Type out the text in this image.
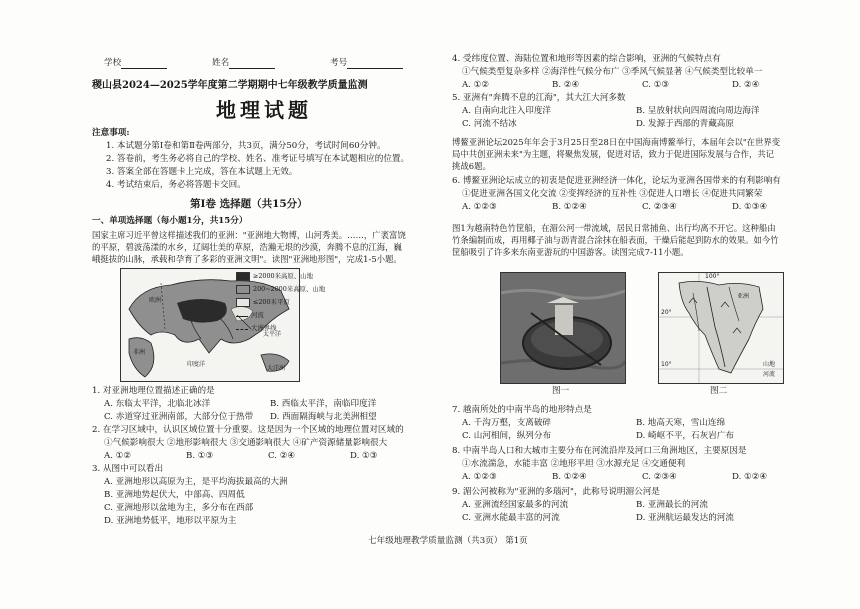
学校	姓名	考号
稷山县2024—2025学年度第二学期期中七年级教学质量监测
地理试题
注意事项:
1. 本试题分第Ⅰ卷和第Ⅱ卷两部分，共3页，满分50分，考试时间60分钟。
2. 答卷前，考生务必将自己的学校、姓名、准考证号填写在本试题相应的位置。
3. 答案全部在答题卡上完成，答在本试题上无效。
4. 考试结束后，务必将答题卡交回。
第Ⅰ卷 选择题（共15分）
一、单项选择题（每小题1分，共15分）
国家主席习近平曾这样描述我们的亚洲："亚洲地大物博，山河秀美。……，广袤富饶的平原，碧波荡漾的水乡，辽阔壮美的草原，浩瀚无垠的沙漠，奔腾不息的江海，巍峨挺拔的山脉，承载和孕育了多彩的亚洲文明"。读图"亚洲地形图"，完成1-5小题。
欧洲
非洲
印度洋
太平洋
大洋洲
≥2000米高原、山地
200~2000米高原、山地
≤200米平原
河流
大洲界线
1. 对亚洲地理位置描述正确的是
A. 东临太平洋，北临北冰洋	B. 西临太平洋，南临印度洋
C. 赤道穿过亚洲南部，大部分位于热带 D. 西面隔海峡与北美洲相望
2. 在学习区域中，认识区域位置十分重要。这是因为一个区域的地理位置对区域的
①气候影响很大 ②地形影响很大 ③交通影响很大 ④矿产资源储量影响很大
A. ①②	B. ①③	C. ②④	D. ①③
3. 从图中可以看出
A. 亚洲地形以高原为主，是平均海拔最高的大洲
B. 亚洲地势起伏大，中部高、四周低
C. 亚洲地形以盆地为主，多分布在西部
D. 亚洲地势低平，地形以平原为主
4. 受纬度位置、海陆位置和地形等因素的综合影响，亚洲的气候特点有
①气候类型复杂多样 ②海洋性气候分布广 ③季风气候显著 ④气候类型比较单一
A. ①②	B. ②④	C. ①③	D. ②④
5. 亚洲有"奔腾不息的江海"，其大江大河多数
A. 自南向北注入印度洋	B. 呈放射状向四周流向周边海洋
C. 河流不结冰	D. 发源于西部的青藏高原
博鳌亚洲论坛2025年年会于3月25日至28日在中国海南博鳌举行，本届年会以"在世界变局中共创亚洲未来"为主题，将聚焦发展，促进对话，致力于促进国际发展与合作，共记挑战6题。
6. 博鳌亚洲论坛成立的初衷是促进亚洲经济一体化，论坛为亚洲各国带来的有利影响有
①促进亚洲各国文化交流 ②变挥经济的互补性 ③促进人口增长 ④促进共同繁荣
A. ①②③	B. ①②④	C. ②③④	D. ①③④
图1为越南特色竹筐船，在湄公河一带流域，居民日常捕鱼、出行均离不开它。这种船由竹条编制而成，再用椰子油与沥青混合涂抹在船表面，干燥后能起到防水的效果。如今竹筐船吸引了许多来东南亚游玩的中国游客。读图完成7-11小题。
图一
100°
20°
10°
亚洲
山地
河流
图二
7. 越南所处的中南半岛的地形特点是
A. 千沟万壑，支离破碎	B. 地高天寒，雪山连绵
C. 山河相间，纵列分布	D. 崎岖不平，石灰岩广布
8. 中南半岛人口和大城市主要分布在河流沿岸及河口三角洲地区，主要原因是
①水流湍急，水能丰富 ②地形平坦 ③水源充足 ④交通便利
A. ①②③	B. ①②④	C. ②③④	D. ①②④
9. 湄公河被称为"亚洲的多瑙河"，此称号说明湄公河是
A. 亚洲流经国家最多的河流	B. 亚洲最长的河流
C. 亚洲水能最丰富的河流	D. 亚洲航运最发达的河流
七年级地理教学质量监测（共3页） 第1页
